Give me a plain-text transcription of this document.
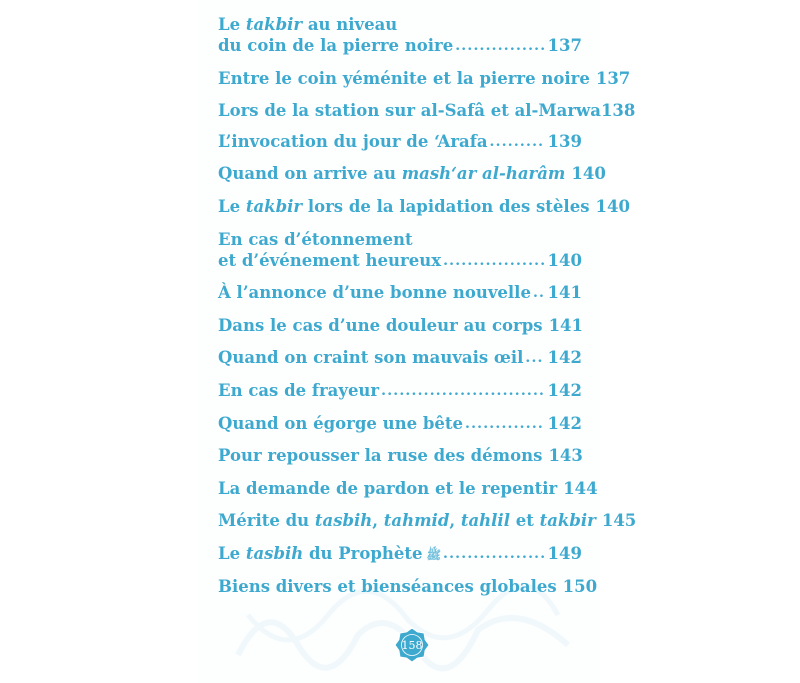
Le takbir au niveau
du coin de la pierre noire .....	137
Entre le coin yéménite et la pierre noire 137
Lors de la station sur al-Safâ et al-Marwa 138
L’invocation du jour de ‘Arafa .....	139
Quand on arrive au mash‘ar al-harâm 140
Le takbir lors de la lapidation des stèles 140
En cas d’étonnement
et d’événement heureux .....	140
À l’annonce d’une bonne nouvelle ..... 141
Dans le cas d’une douleur au corps 141
Quand on craint son mauvais œil ..... 142
En cas de frayeur .....	142
Quand on égorge une bête .....	142
Pour repousser la ruse des démons 143
La demande de pardon et le repentir 144
Mérite du tasbih, tahmid, tahlil et takbir 145
Le tasbih du Prophète ﷺ .....	149
Biens divers et bienséances globales 150
158
